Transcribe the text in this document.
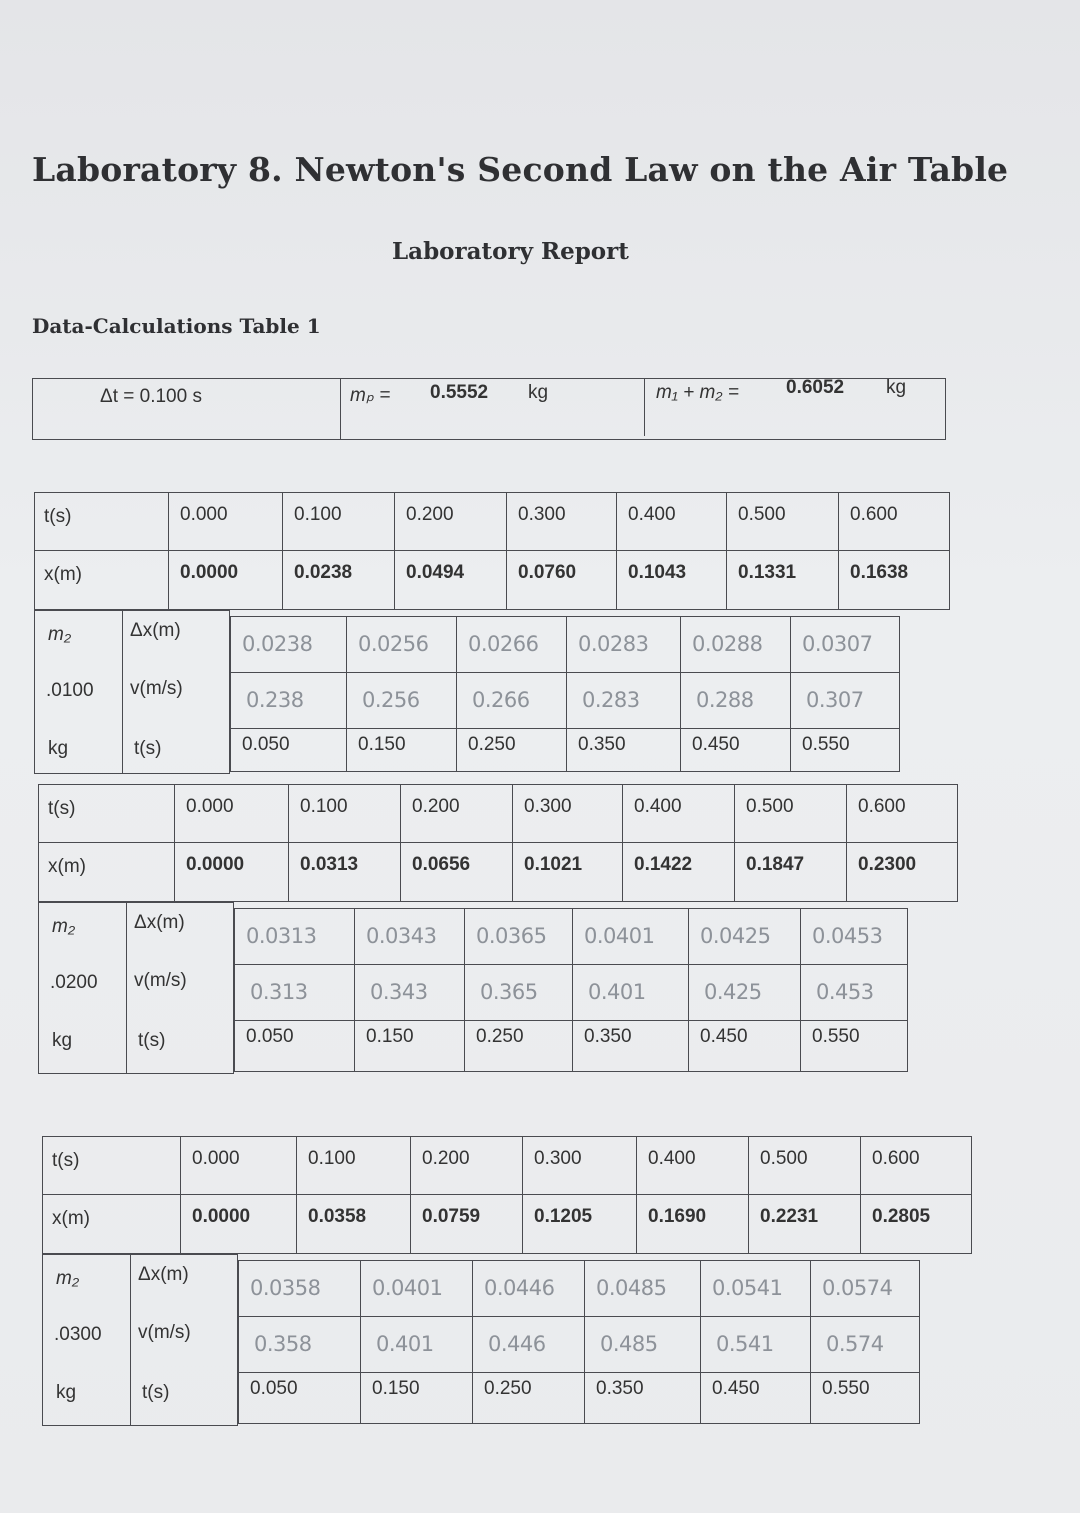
Laboratory 8. Newton's Second Law on the Air Table
Laboratory Report
Data-Calculations Table 1
Δt = 0.100 s	mₚ = 0.5552 kg	m₁ + m₂ = 0.6052 kg
t(s)
x(m)
0.000
0.0000
0.100
0.0238
0.200
0.0494
0.300
0.0760
0.400
0.1043
0.500
0.1331
0.600
0.1638
m₂
.0100
kg
Δx(m)
v(m/s)
t(s)
0.0238
0.238
0.050
0.0256
0.256
0.150
0.0266
0.266
0.250
0.0283
0.283
0.350
0.0288
0.288
0.450
0.0307
0.307
0.550
t(s)
x(m)
0.000
0.0000
0.100
0.0313
0.200
0.0656
0.300
0.1021
0.400
0.1422
0.500
0.1847
0.600
0.2300
m₂
.0200
kg
Δx(m)
v(m/s)
t(s)
0.0313
0.313
0.050
0.0343
0.343
0.150
0.0365
0.365
0.250
0.0401
0.401
0.350
0.0425
0.425
0.450
0.0453
0.453
0.550
t(s)
x(m)
0.000
0.0000
0.100
0.0358
0.200
0.0759
0.300
0.1205
0.400
0.1690
0.500
0.2231
0.600
0.2805
m₂
.0300
kg
Δx(m)
v(m/s)
t(s)
0.0358
0.358
0.050
0.0401
0.401
0.150
0.0446
0.446
0.250
0.0485
0.485
0.350
0.0541
0.541
0.450
0.0574
0.574
0.550
